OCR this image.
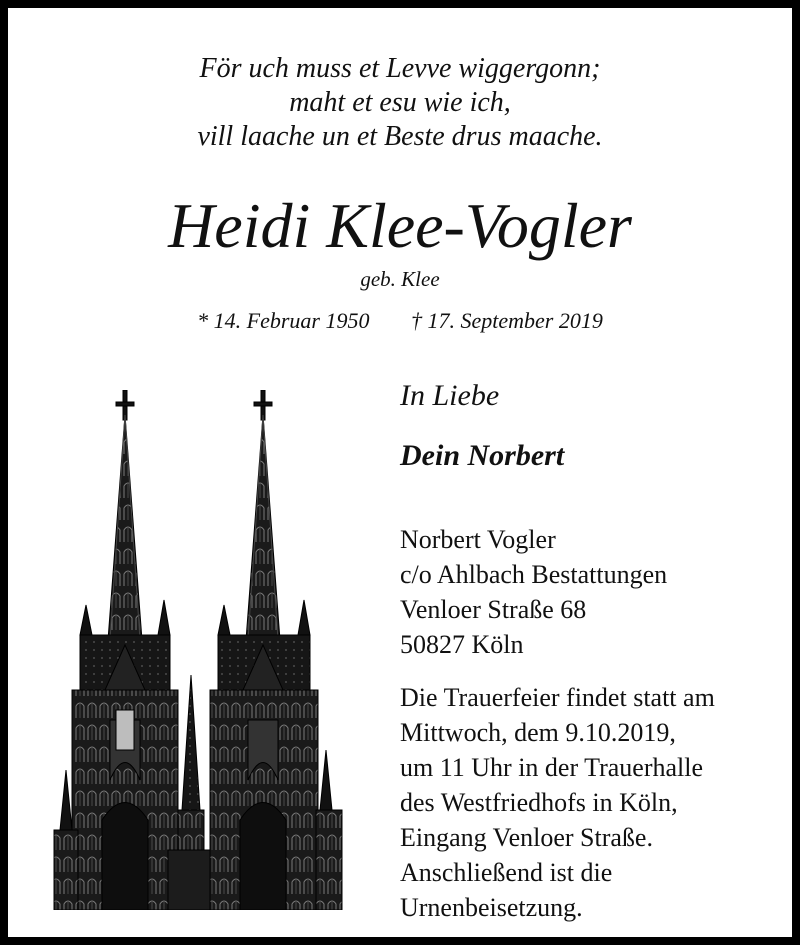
För uch muss et Levve wiggergonn;
maht et esu wie ich,
vill laache un et Beste drus maache.
Heidi Klee-Vogler
geb. Klee
* 14. Februar 1950 † 17. September 2019
In Liebe
Dein Norbert
Norbert Vogler
c/o Ahlbach Bestattungen
Venloer Straße 68
50827 Köln
Die Trauerfeier findet statt am
Mittwoch, dem 9.10.2019,
um 11 Uhr in der Trauerhalle
des Westfriedhofs in Köln,
Eingang Venloer Straße.
Anschließend ist die
Urnenbeisetzung.
